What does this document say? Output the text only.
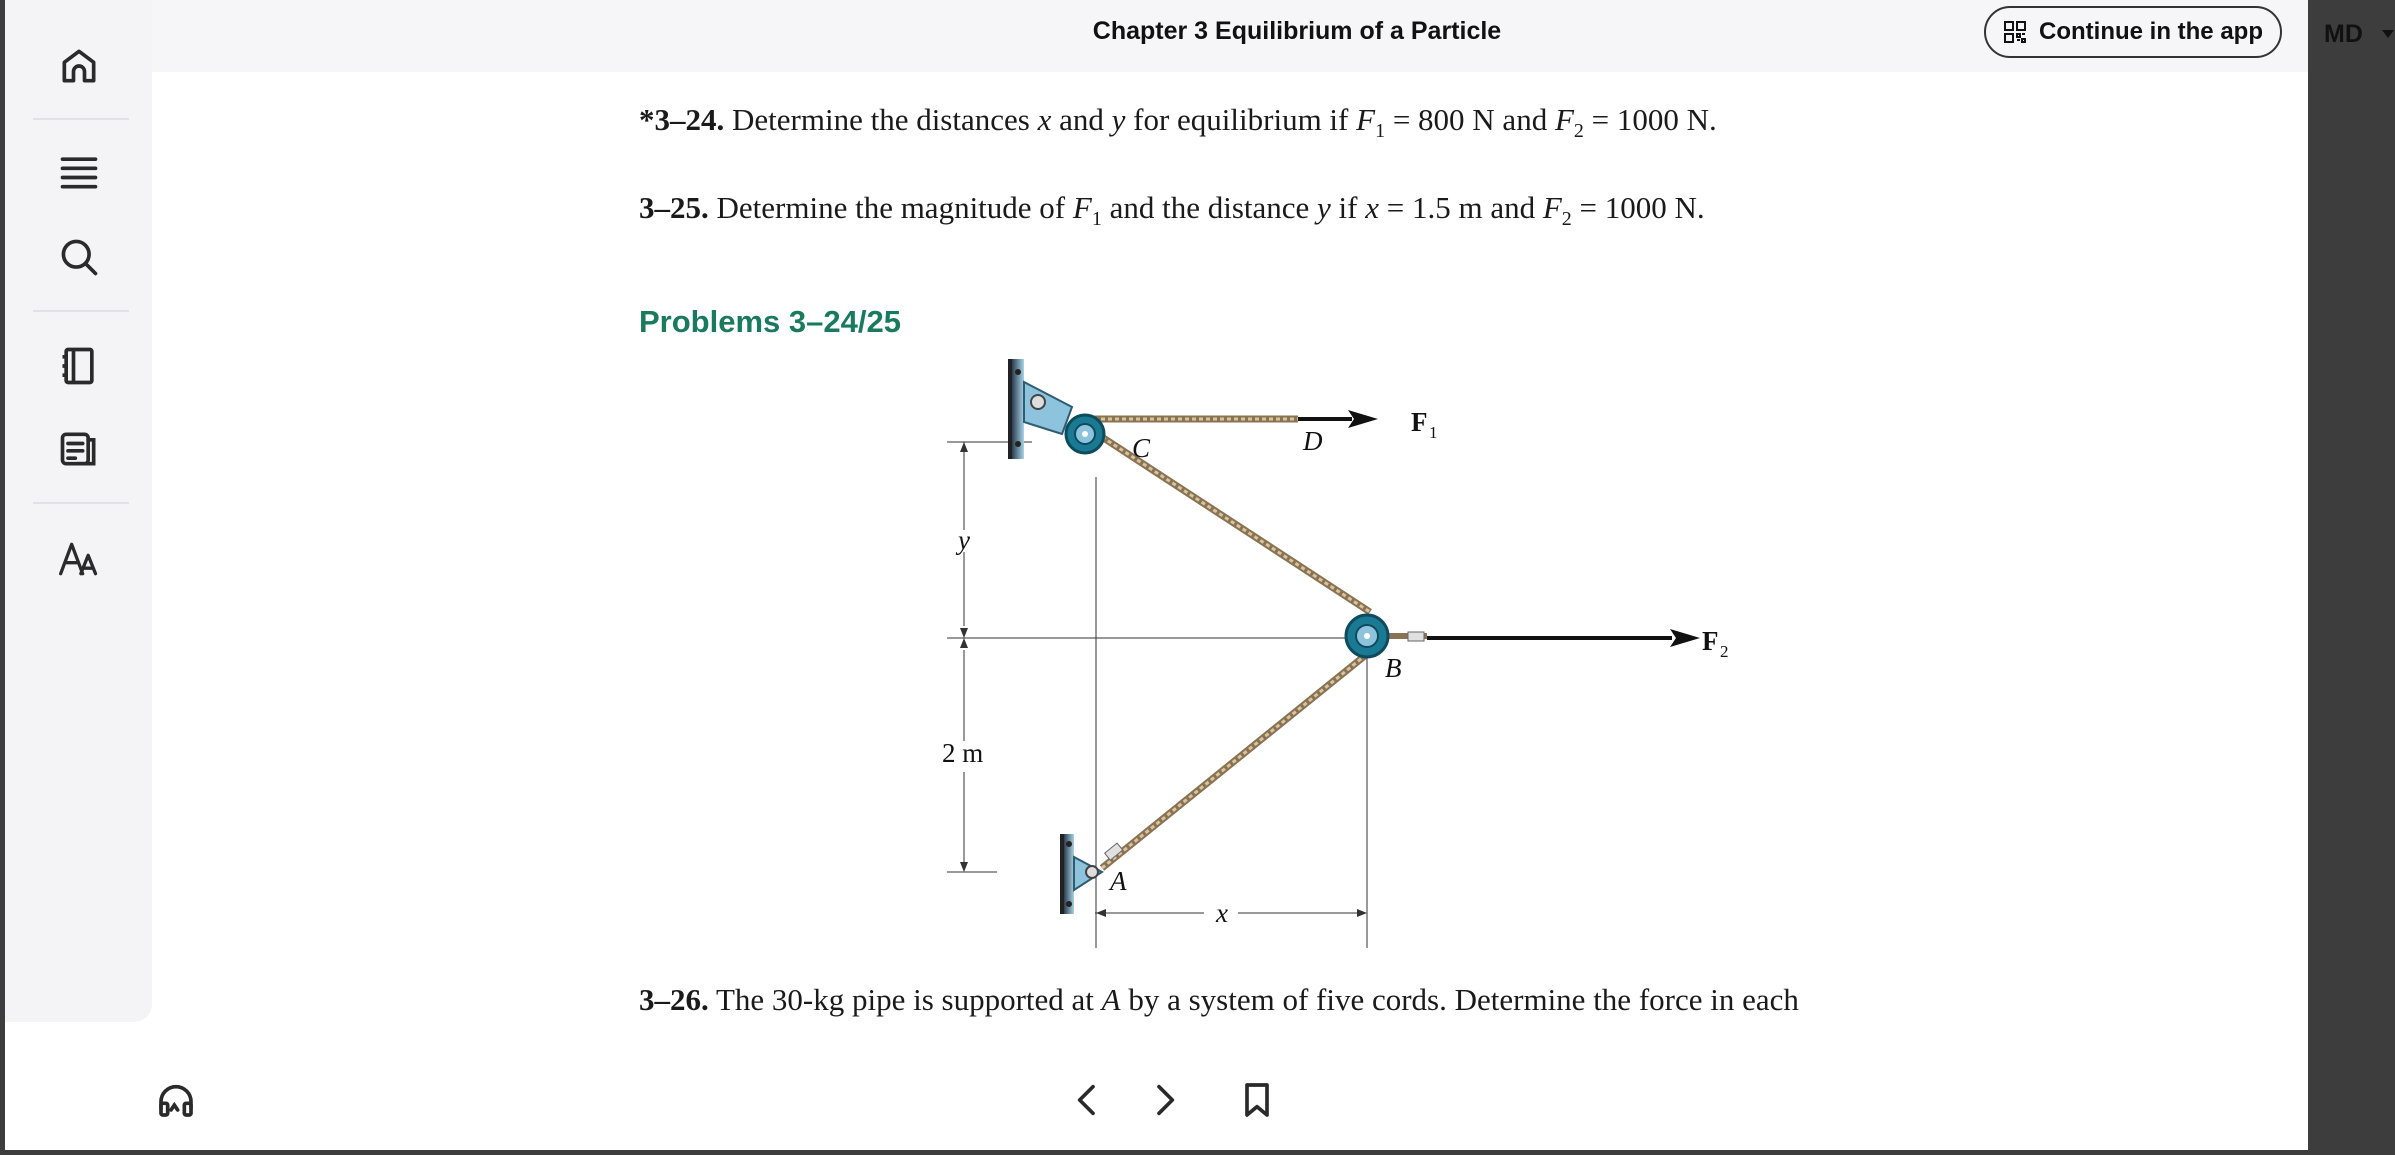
Chapter 3 Equilibrium of a Particle	Continue in the app MD
*3–24. Determine the distances x and y for equilibrium if $F_1 = 800$ N and $F_2 = 1000$ N.
3–25. Determine the magnitude of $F_1$ and the distance y if x = 1.5 m and $F_2 = 1000$ N.
Problems 3–24/25
C	D
B
A
y
2 m
x
F 1
F 2
3–26. The 30-kg pipe is supported at A by a system of five cords. Determine the force in each
